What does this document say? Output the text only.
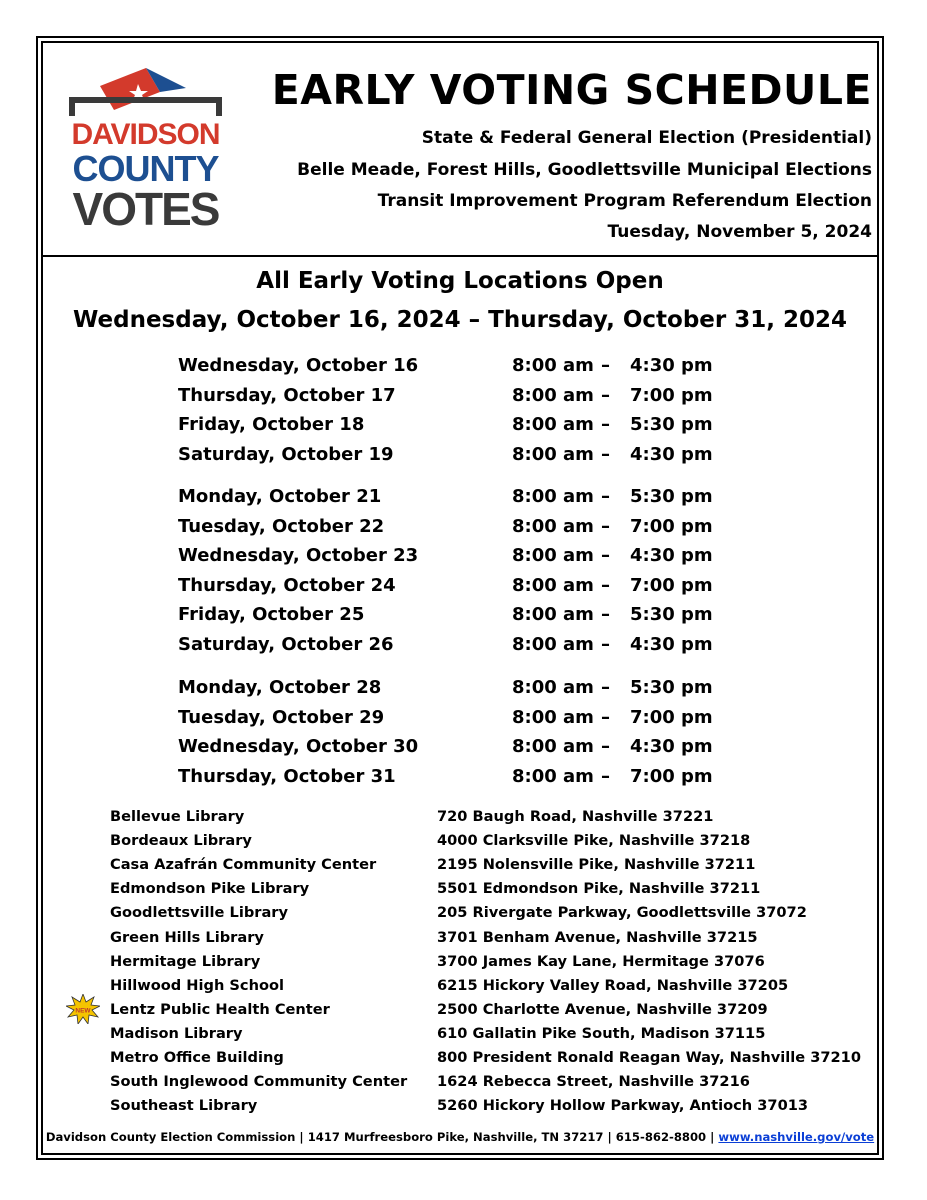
DAVIDSON
COUNTY
VOTES
EARLY VOTING SCHEDULE
State & Federal General Election (Presidential)
Belle Meade, Forest Hills, Goodlettsville Municipal Elections
Transit Improvement Program Referendum Election
Tuesday, November 5, 2024
All Early Voting Locations Open
Wednesday, October 16, 2024 – Thursday, October 31, 2024
Wednesday, October 16	8:00 am – 4:30 pm
Thursday, October 17	8:00 am – 7:00 pm
Friday, October 18	8:00 am – 5:30 pm
Saturday, October 19	8:00 am – 4:30 pm
Monday, October 21	8:00 am – 5:30 pm
Tuesday, October 22	8:00 am – 7:00 pm
Wednesday, October 23	8:00 am – 4:30 pm
Thursday, October 24	8:00 am – 7:00 pm
Friday, October 25	8:00 am – 5:30 pm
Saturday, October 26	8:00 am – 4:30 pm
Monday, October 28	8:00 am – 5:30 pm
Tuesday, October 29	8:00 am – 7:00 pm
Wednesday, October 30	8:00 am – 4:30 pm
Thursday, October 31	8:00 am – 7:00 pm
Bellevue Library	720 Baugh Road, Nashville 37221
Bordeaux Library	4000 Clarksville Pike, Nashville 37218
Casa Azafrán Community Center	2195 Nolensville Pike, Nashville 37211
Edmondson Pike Library	5501 Edmondson Pike, Nashville 37211
Goodlettsville Library	205 Rivergate Parkway, Goodlettsville 37072
Green Hills Library	3701 Benham Avenue, Nashville 37215
Hermitage Library	3700 James Kay Lane, Hermitage 37076
Hillwood High School	6215 Hickory Valley Road, Nashville 37205
Lentz Public Health Center	2500 Charlotte Avenue, Nashville 37209
Madison Library	610 Gallatin Pike South, Madison 37115
Metro Office Building	800 President Ronald Reagan Way, Nashville 37210
South Inglewood Community Center 1624 Rebecca Street, Nashville 37216
Southeast Library	5260 Hickory Hollow Parkway, Antioch 37013
NEW
Davidson County Election Commission | 1417 Murfreesboro Pike, Nashville, TN 37217 | 615-862-8800 | www.nashville.gov/vote
